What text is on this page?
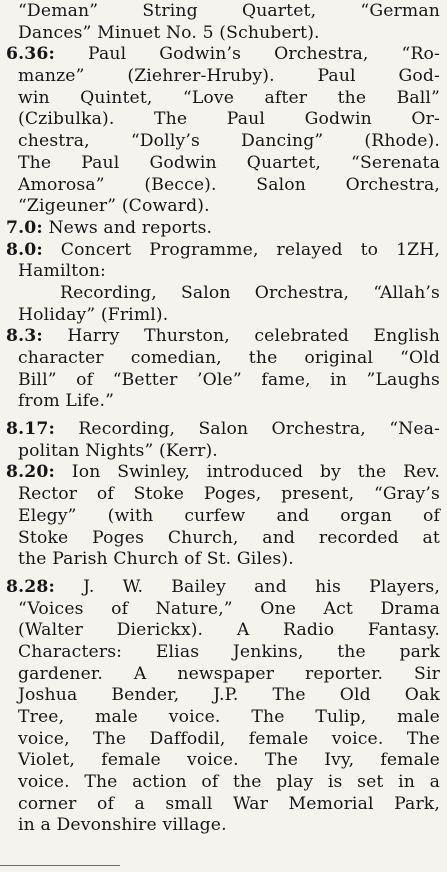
“Deman” String Quartet, “German
Dances” Minuet No. 5 (Schubert).
6.36: Paul Godwin’s Orchestra, “Ro-
manze” (Ziehrer-Hruby). Paul God-
win Quintet, “Love after the Ball”
(Czibulka). The Paul Godwin Or-
chestra, “Dolly’s Dancing” (Rhode).
The Paul Godwin Quartet, “Serenata
Amorosa” (Becce). Salon Orchestra,
“Zigeuner” (Coward).
7.0: News and reports.
8.0: Concert Programme, relayed to 1ZH,
Hamilton:
Recording, Salon Orchestra, “Allah’s
Holiday” (Friml).
8.3: Harry Thurston, celebrated English
character comedian, the original “Old
Bill” of “Better ’Ole” fame, in ”Laughs
from Life.”
8.17: Recording, Salon Orchestra, “Nea-
politan Nights” (Kerr).
8.20: Ion Swinley, introduced by the Rev.
Rector of Stoke Poges, present, “Gray’s
Elegy” (with curfew and organ of
Stoke Poges Church, and recorded at
the Parish Church of St. Giles).
8.28: J. W. Bailey and his Players,
“Voices of Nature,” One Act Drama
(Walter Dierickx). A Radio Fantasy.
Characters: Elias Jenkins, the park
gardener. A newspaper reporter. Sir
Joshua Bender, J.P. The Old Oak
Tree, male voice. The Tulip, male
voice, The Daffodil, female voice. The
Violet, female voice. The Ivy, female
voice. The action of the play is set in a
corner of a small War Memorial Park,
in a Devonshire village.
